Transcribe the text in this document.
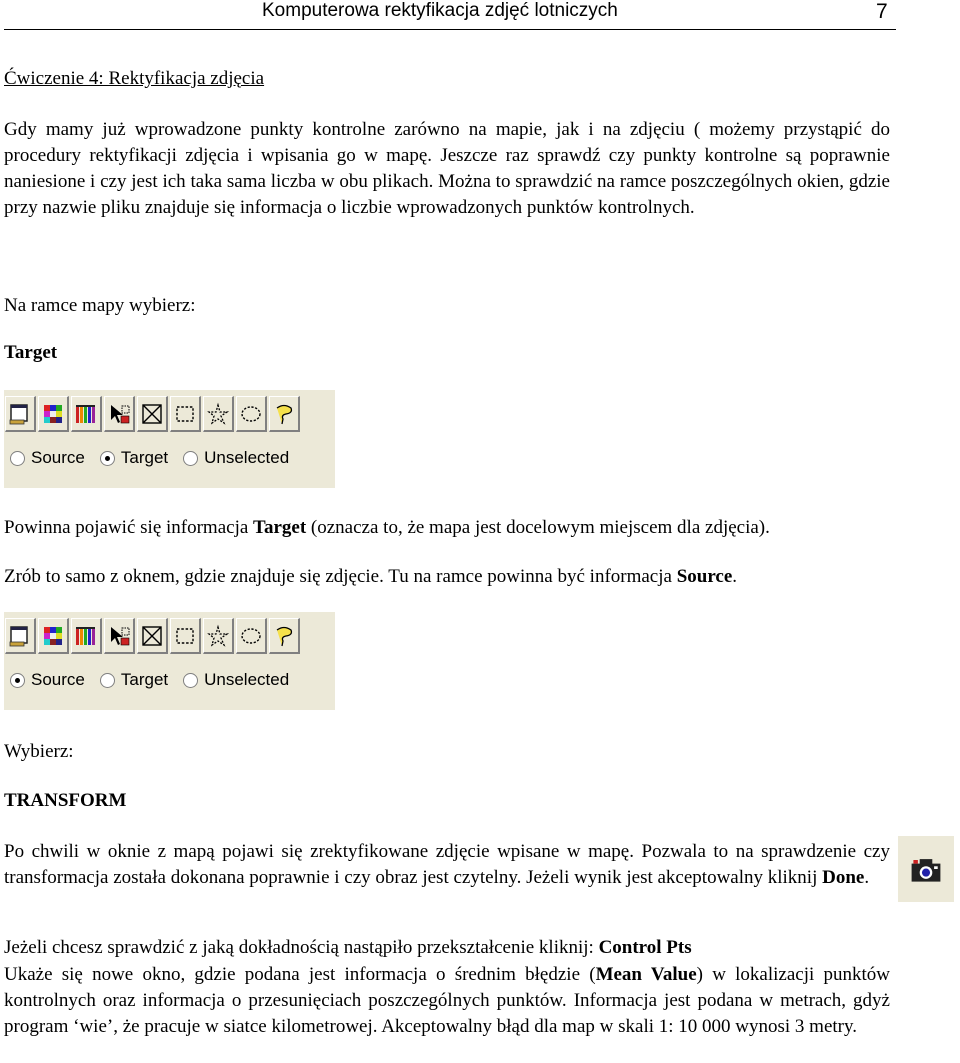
Komputerowa rektyfikacja zdjęć lotniczych	7
Ćwiczenie 4: Rektyfikacja zdjęcia
Gdy mamy już wprowadzone punkty kontrolne zarówno na mapie, jak i na zdjęciu ( możemy przystąpić do procedury rektyfikacji zdjęcia i wpisania go w mapę. Jeszcze raz sprawdź czy punkty kontrolne są poprawnie naniesione i czy jest ich taka sama liczba w obu plikach. Można to sprawdzić na ramce poszczególnych okien, gdzie przy nazwie pliku znajduje się informacja o liczbie wprowadzonych punktów kontrolnych.
Na ramce mapy wybierz:
Target
Source Target Unselected
Powinna pojawić się informacja Target (oznacza to, że mapa jest docelowym miejscem dla zdjęcia).
Zrób to samo z oknem, gdzie znajduje się zdjęcie. Tu na ramce powinna być informacja Source.
Source Target Unselected
Wybierz:
TRANSFORM
Po chwili w oknie z mapą pojawi się zrektyfikowane zdjęcie wpisane w mapę. Pozwala to na sprawdzenie czy transformacja została dokonana poprawnie i czy obraz jest czytelny. Jeżeli wynik jest akceptowalny kliknij Done.
Jeżeli chcesz sprawdzić z jaką dokładnością nastąpiło przekształcenie kliknij: Control Pts
Ukaże się nowe okno, gdzie podana jest informacja o średnim błędzie (Mean Value) w lokalizacji punktów kontrolnych oraz informacja o przesunięciach poszczególnych punktów. Informacja jest podana w metrach, gdyż program ‘wie’, że pracuje w siatce kilometrowej. Akceptowalny błąd dla map w skali 1: 10 000 wynosi 3 metry.
